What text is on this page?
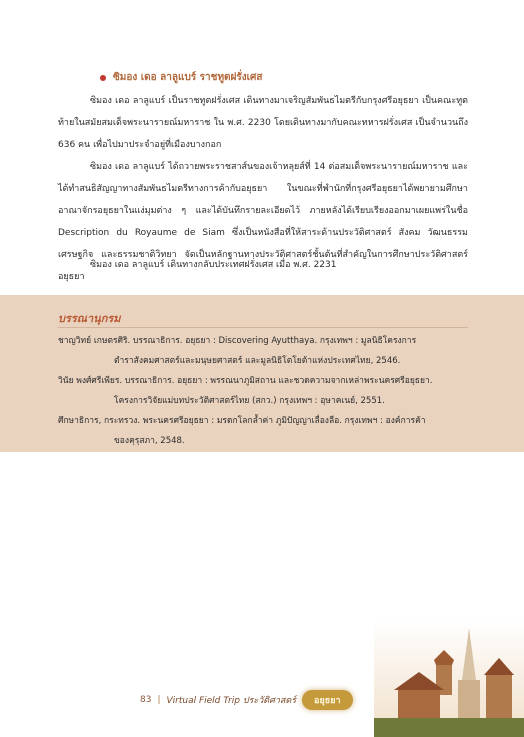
ซิมอง เดอ ลาลูแบร์ ราชทูตฝรั่งเศส
ซิมอง เดอ ลาลูแบร์ เป็นราชทูตฝรั่งเศส เดินทางมาเจริญสัมพันธไมตรีกับกรุงศรีอยุธยา เป็นคณะทูตท้ายในสมัยสมเด็จพระนารายณ์มหาราช ใน พ.ศ. 2230 โดยเดินทางมากับคณะทหารฝรั่งเศส เป็นจำนวนถึง 636 คน เพื่อไปมาประจำอยู่ที่เมืองบางกอก
ซิมอง เดอ ลาลูแบร์ ได้ถวายพระราชสาส์นของเจ้าหลุยส์ที่ 14 ต่อสมเด็จพระนารายณ์มหาราช และได้ทำสนธิสัญญาทางสัมพันธไมตรีทางการค้ากับอยุธยา ในขณะที่พำนักที่กรุงศรีอยุธยาได้พยายามศึกษาอาณาจักรอยุธยาในแง่มุมต่าง ๆ และได้บันทึกรายละเอียดไว้ ภายหลังได้เรียบเรียงออกมาเผยแพร่ในชื่อ Description du Royaume de Siam ซึ่งเป็นหนังสือที่ให้สาระด้านประวัติศาสตร์ สังคม วัฒนธรรม เศรษฐกิจ และธรรมชาติวิทยา จัดเป็นหลักฐานทางประวัติศาสตร์ชั้นต้นที่สำคัญในการศึกษาประวัติศาสตร์อยุธยา
ซิมอง เดอ ลาลูแบร์ เดินทางกลับประเทศฝรั่งเศส เมื่อ พ.ศ. 2231
บรรณานุกรม
ชาญวิทย์ เกษตรศิริ. บรรณาธิการ. อยุธยา : Discovering Ayutthaya. กรุงเทพฯ : มูลนิธิโครงการ
ตำราสังคมศาสตร์และมนุษยศาสตร์ และมูลนิธิโตโยต้าแห่งประเทศไทย, 2546.
วินัย พงศ์ศรีเพียร. บรรณาธิการ. อยุธยา : พรรณนาภูมิสถาน และชวดความจากเหล่าพระนครศรีอยุธยา.
โครงการวิจัยแม่บทประวัติศาสตร์ไทย (สกว.) กรุงเทพฯ : อุษาคเนย์, 2551.
ศึกษาธิการ, กระทรวง. พระนครศรีอยุธยา : มรดกโลกล้ำค่า ภูมิปัญญาเลื่องลือ. กรุงเทพฯ : องค์การค้า
ของคุรุสภา, 2548.
83 | Virtual Field Trip ประวัติศาสตร์	อยุธยา
